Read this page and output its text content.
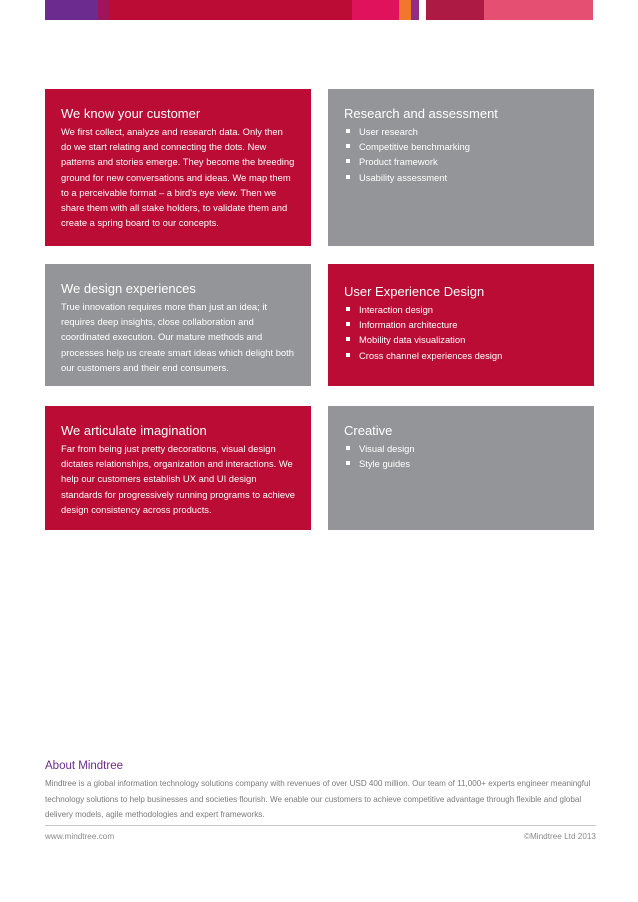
We know your customer

We first collect, analyze and research data. Only then do we start relating and connecting the dots. New patterns and stories emerge. They become the breeding ground for new conversations and ideas. We map them to a perceivable format – a bird's eye view. Then we share them with all stake holders, to validate them and create a spring board to our concepts.

Research and assessment
User research
Competitive benchmarking
Product framework
Usability assessment
We design experiences

True innovation requires more than just an idea; it requires deep insights, close collaboration and coordinated execution. Our mature methods and processes help us create smart ideas which delight both our customers and their end consumers.

User Experience Design
Interaction design
Information architecture
Mobility data visualization
Cross channel experiences design
We articulate imagination

Far from being just pretty decorations, visual design dictates relationships, organization and interactions. We help our customers establish UX and UI design standards for progressively running programs to achieve design consistency across products.

Creative
Visual design
Style guides
About Mindtree

Mindtree is a global information technology solutions company with revenues of over USD 400 million. Our team of 11,000+ experts engineer meaningful technology solutions to help businesses and societies flourish. We enable our customers to achieve competitive advantage through flexible and global delivery models, agile methodologies and expert frameworks.

www.mindtree.com	©Mindtree Ltd 2013
